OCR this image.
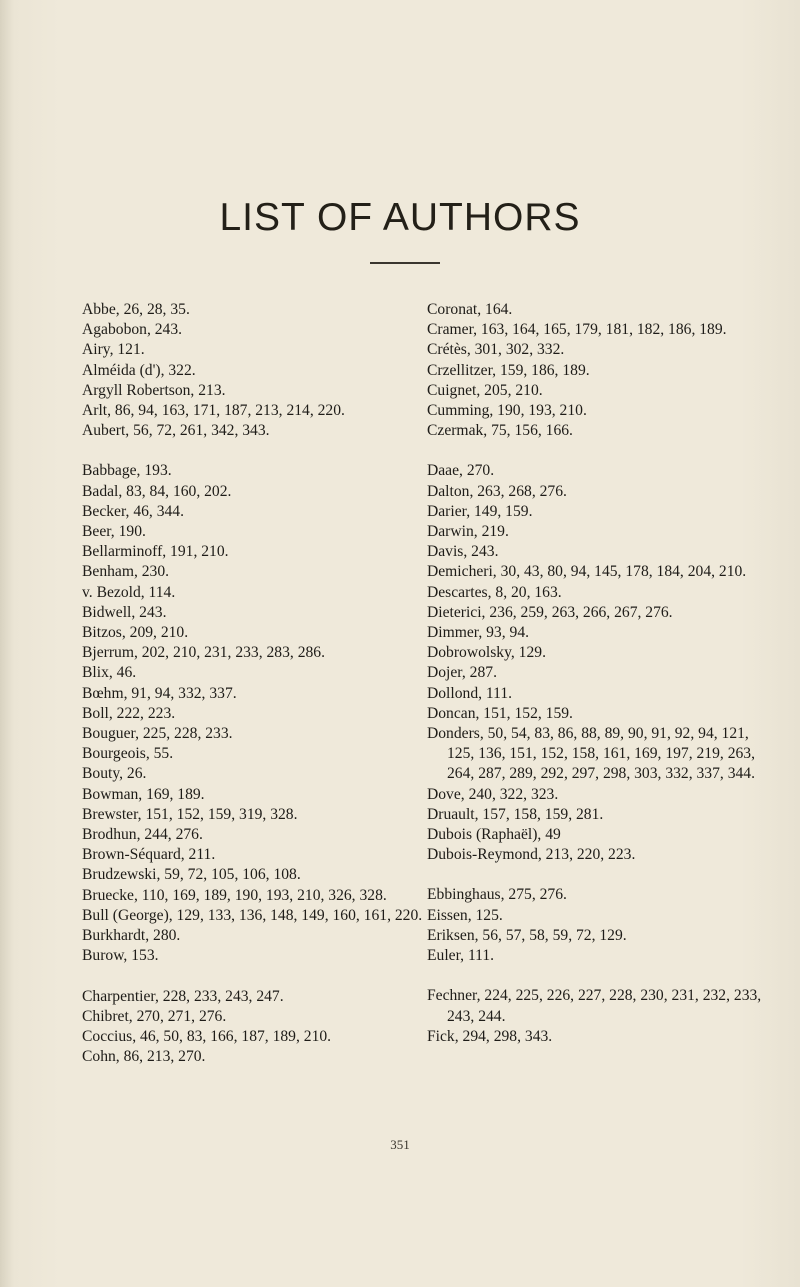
LIST OF AUTHORS
Abbe, 26, 28, 35.
Agabobon, 243.
Airy, 121.
Alméida (d'), 322.
Argyll Robertson, 213.
Arlt, 86, 94, 163, 171, 187, 213, 214, 220.
Aubert, 56, 72, 261, 342, 343.
Babbage, 193.
Badal, 83, 84, 160, 202.
Becker, 46, 344.
Beer, 190.
Bellarminoff, 191, 210.
Benham, 230.
v. Bezold, 114.
Bidwell, 243.
Bitzos, 209, 210.
Bjerrum, 202, 210, 231, 233, 283, 286.
Blix, 46.
Bœhm, 91, 94, 332, 337.
Boll, 222, 223.
Bouguer, 225, 228, 233.
Bourgeois, 55.
Bouty, 26.
Bowman, 169, 189.
Brewster, 151, 152, 159, 319, 328.
Brodhun, 244, 276.
Brown-Séquard, 211.
Brudzewski, 59, 72, 105, 106, 108.
Bruecke, 110, 169, 189, 190, 193, 210, 326, 328.
Bull (George), 129, 133, 136, 148, 149, 160, 161, 220.
Burkhardt, 280.
Burow, 153.
Charpentier, 228, 233, 243, 247.
Chibret, 270, 271, 276.
Coccius, 46, 50, 83, 166, 187, 189, 210.
Cohn, 86, 213, 270.
Coronat, 164.
Cramer, 163, 164, 165, 179, 181, 182, 186, 189.
Crétès, 301, 302, 332.
Crzellitzer, 159, 186, 189.
Cuignet, 205, 210.
Cumming, 190, 193, 210.
Czermak, 75, 156, 166.
Daae, 270.
Dalton, 263, 268, 276.
Darier, 149, 159.
Darwin, 219.
Davis, 243.
Demicheri, 30, 43, 80, 94, 145, 178, 184, 204, 210.
Descartes, 8, 20, 163.
Dieterici, 236, 259, 263, 266, 267, 276.
Dimmer, 93, 94.
Dobrowolsky, 129.
Dojer, 287.
Dollond, 111.
Doncan, 151, 152, 159.
Donders, 50, 54, 83, 86, 88, 89, 90, 91, 92, 94, 121, 125, 136, 151, 152, 158, 161, 169, 197, 219, 263, 264, 287, 289, 292, 297, 298, 303, 332, 337, 344.
Dove, 240, 322, 323.
Druault, 157, 158, 159, 281.
Dubois (Raphaël), 49
Dubois-Reymond, 213, 220, 223.
Ebbinghaus, 275, 276.
Eissen, 125.
Eriksen, 56, 57, 58, 59, 72, 129.
Euler, 111.
Fechner, 224, 225, 226, 227, 228, 230, 231, 232, 233, 243, 244.
Fick, 294, 298, 343.
351
